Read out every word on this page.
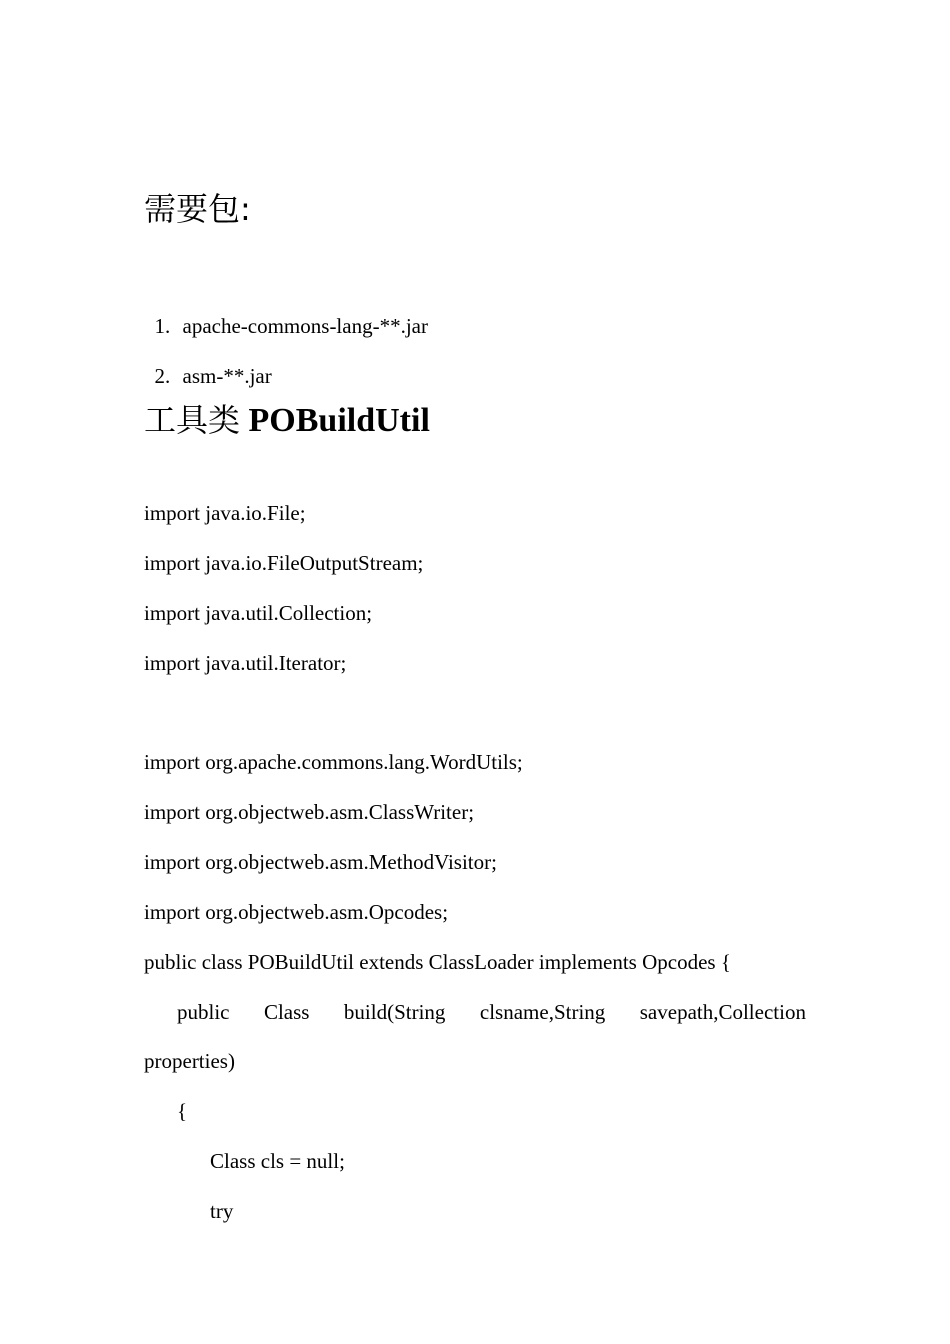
需要包:

1. apache-commons-lang-**.jar

2. asm-**.jar

工具类 POBuildUtil
import java.io.File;
import java.io.FileOutputStream;
import java.util.Collection;
import java.util.Iterator;
import org.apache.commons.lang.WordUtils;
import org.objectweb.asm.ClassWriter;
import org.objectweb.asm.MethodVisitor;
import org.objectweb.asm.Opcodes;
public class POBuildUtil extends ClassLoader implements Opcodes {
public Class build(String clsname,String savepath,Collection
properties)
{
Class cls = null;
try
